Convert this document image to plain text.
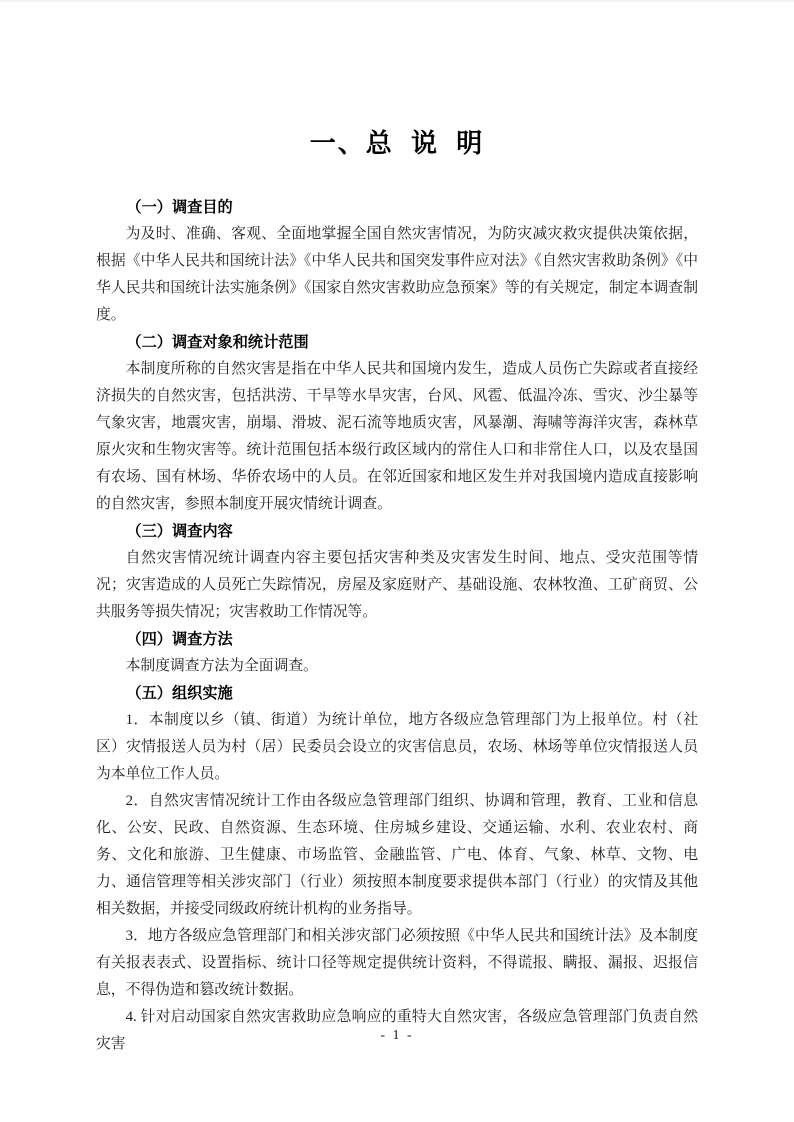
一、总 说 明
（一）调查目的

为及时、准确、客观、全面地掌握全国自然灾害情况，为防灾减灾救灾提供决策依据，根据《中华人民共和国统计法》《中华人民共和国突发事件应对法》《自然灾害救助条例》《中华人民共和国统计法实施条例》《国家自然灾害救助应急预案》等的有关规定，制定本调查制度。

（二）调查对象和统计范围

本制度所称的自然灾害是指在中华人民共和国境内发生，造成人员伤亡失踪或者直接经济损失的自然灾害，包括洪涝、干旱等水旱灾害，台风、风雹、低温冷冻、雪灾、沙尘暴等气象灾害，地震灾害，崩塌、滑坡、泥石流等地质灾害，风暴潮、海啸等海洋灾害，森林草原火灾和生物灾害等。统计范围包括本级行政区域内的常住人口和非常住人口，以及农垦国有农场、国有林场、华侨农场中的人员。在邻近国家和地区发生并对我国境内造成直接影响的自然灾害，参照本制度开展灾情统计调查。

（三）调查内容

自然灾害情况统计调查内容主要包括灾害种类及灾害发生时间、地点、受灾范围等情况；灾害造成的人员死亡失踪情况，房屋及家庭财产、基础设施、农林牧渔、工矿商贸、公共服务等损失情况；灾害救助工作情况等。

（四）调查方法

本制度调查方法为全面调查。

（五）组织实施

1．本制度以乡（镇、街道）为统计单位，地方各级应急管理部门为上报单位。村（社区）灾情报送人员为村（居）民委员会设立的灾害信息员，农场、林场等单位灾情报送人员为本单位工作人员。

2．自然灾害情况统计工作由各级应急管理部门组织、协调和管理，教育、工业和信息化、公安、民政、自然资源、生态环境、住房城乡建设、交通运输、水利、农业农村、商务、文化和旅游、卫生健康、市场监管、金融监管、广电、体育、气象、林草、文物、电力、通信管理等相关涉灾部门（行业）须按照本制度要求提供本部门（行业）的灾情及其他相关数据，并接受同级政府统计机构的业务指导。

3．地方各级应急管理部门和相关涉灾部门必须按照《中华人民共和国统计法》及本制度有关报表表式、设置指标、统计口径等规定提供统计资料，不得谎报、瞒报、漏报、迟报信息，不得伪造和篡改统计数据。

4. 针对启动国家自然灾害救助应急响应的重特大自然灾害，各级应急管理部门负责自然灾害

- 1 -
